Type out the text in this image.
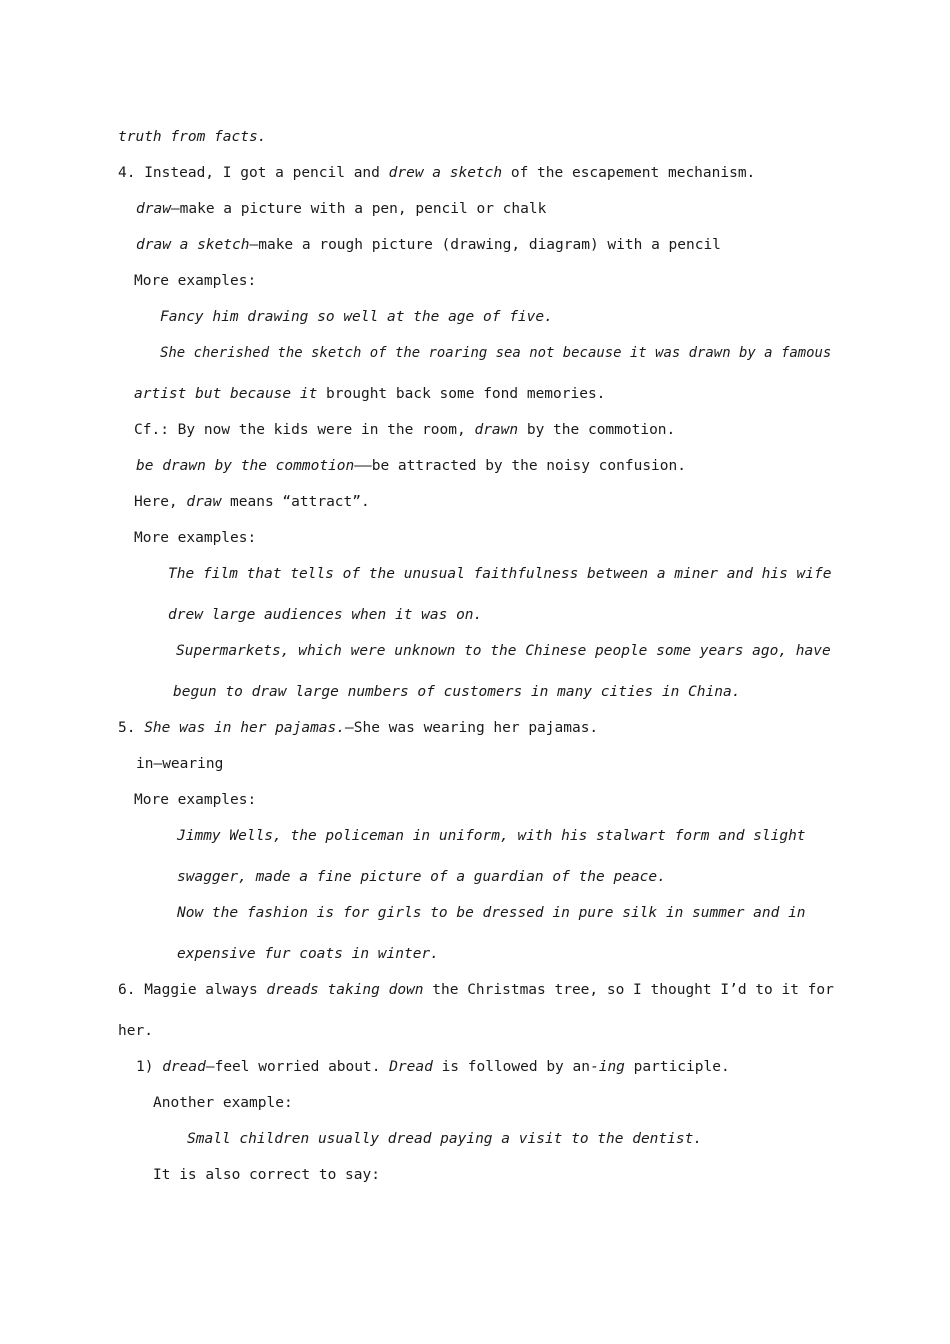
truth from facts.
4. Instead, I got a pencil and drew a sketch of the escapement mechanism.
draw—make a picture with a pen, pencil or chalk
draw a sketch—make a rough picture (drawing, diagram) with a pencil
More examples:
Fancy him drawing so well at the age of five.
She cherished the sketch of the roaring sea not because it was drawn by a famous
artist but because it brought back some fond memories.
Cf.: By now the kids were in the room, drawn by the commotion.
be drawn by the commotion——be attracted by the noisy confusion.
Here, draw means “attract”.
More examples:
The film that tells of the unusual faithfulness between a miner and his wife
drew large audiences when it was on.
Supermarkets, which were unknown to the Chinese people some years ago, have
begun to draw large numbers of customers in many cities in China.
5. She was in her pajamas.—She was wearing her pajamas.
in—wearing
More examples:
Jimmy Wells, the policeman in uniform, with his stalwart form and slight
swagger, made a fine picture of a guardian of the peace.
Now the fashion is for girls to be dressed in pure silk in summer and in
expensive fur coats in winter.
6. Maggie always dreads taking down the Christmas tree, so I thought I’d to it for
her.
1) dread—feel worried about. Dread is followed by an-ing participle.
Another example:
Small children usually dread paying a visit to the dentist.
It is also correct to say:
